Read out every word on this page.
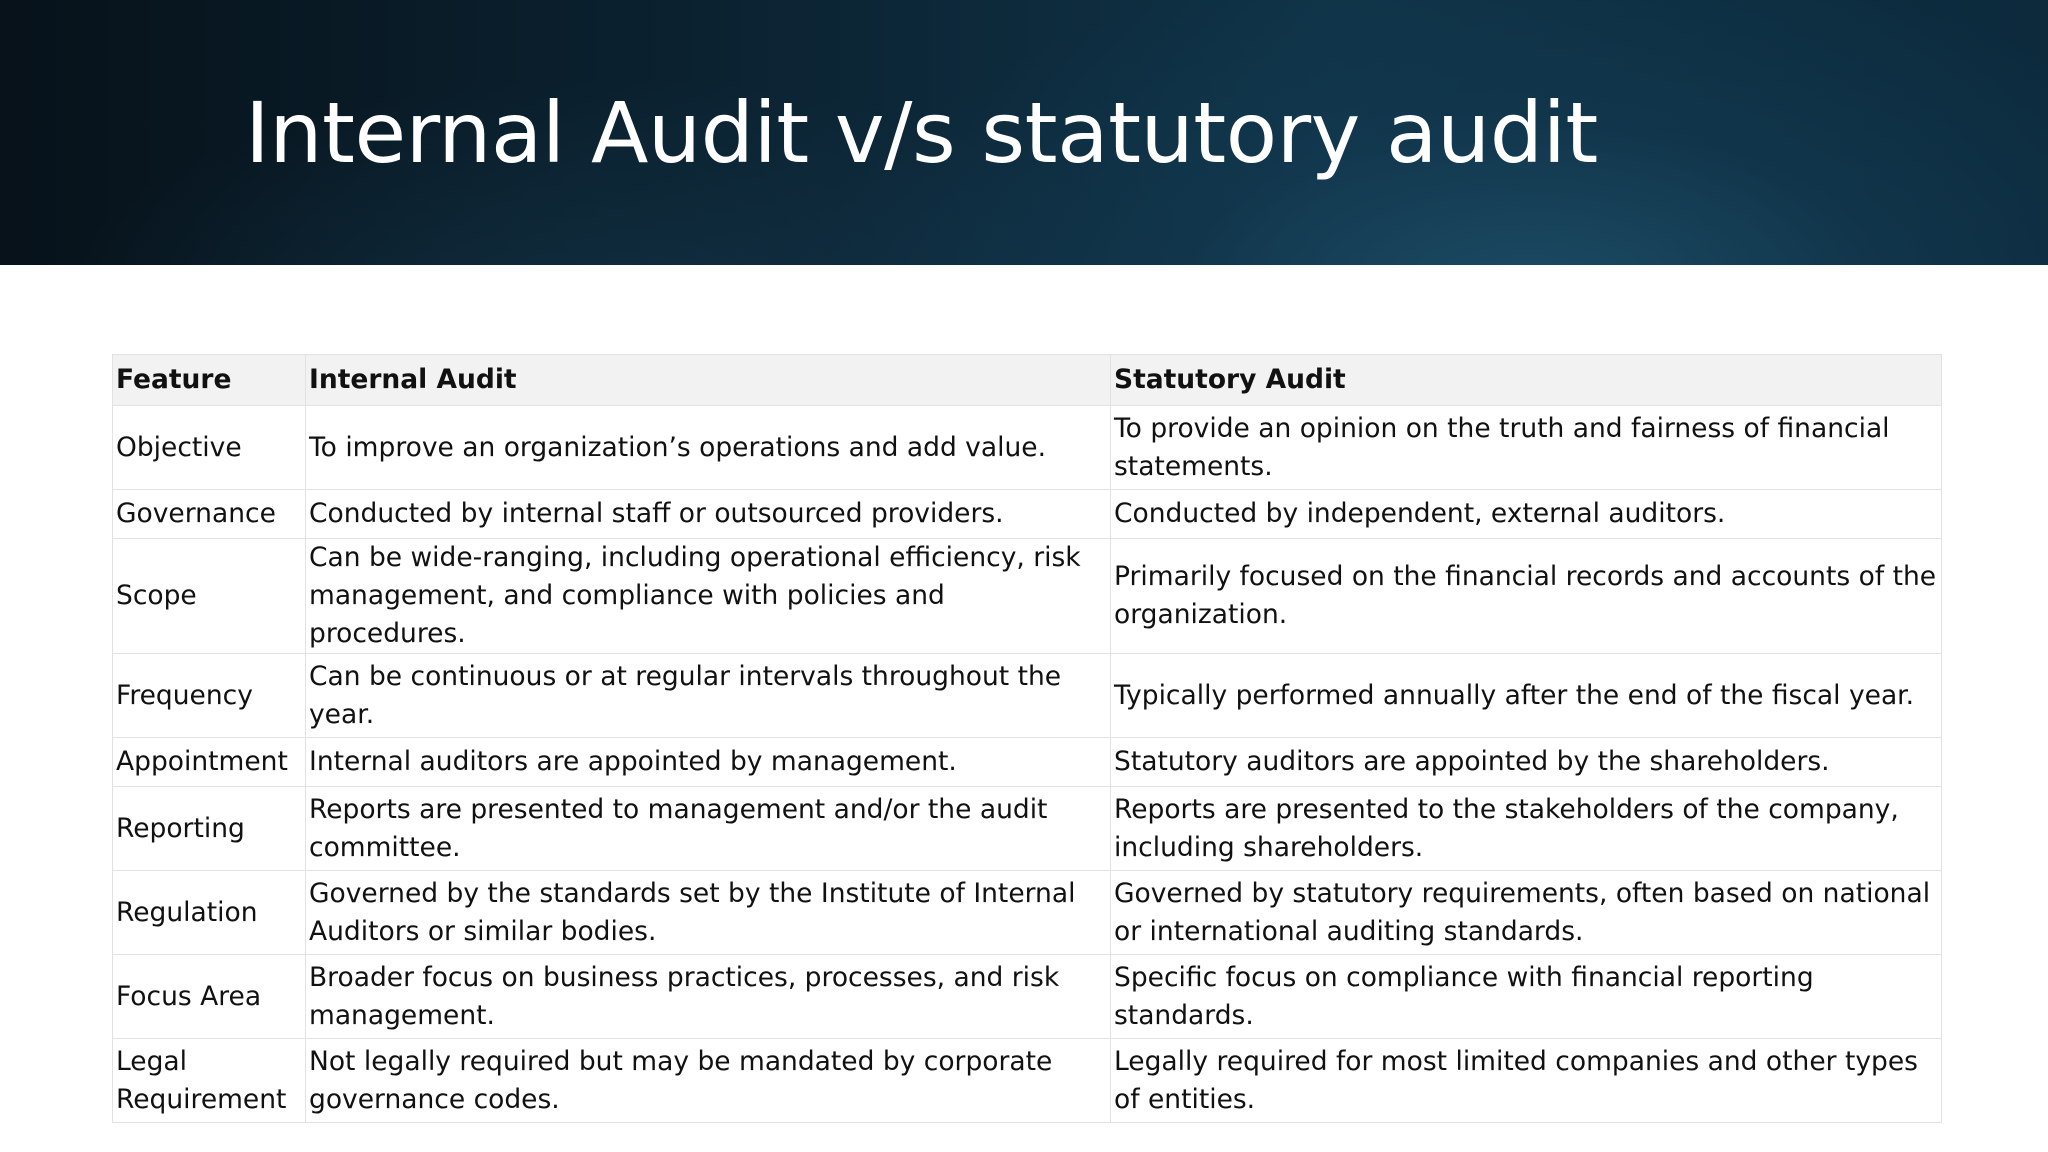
Internal Audit v/s statutory audit
Feature	Internal Audit	Statutory Audit
Objective	To improve an organization’s operations and add value.	To provide an opinion on the truth and fairness of financial statements.
Governance	Conducted by internal staff or outsourced providers.	Conducted by independent, external auditors.
Scope	Can be wide-ranging, including operational efficiency, risk management, and compliance with policies and procedures.	Primarily focused on the financial records and accounts of the organization.
Frequency	Can be continuous or at regular intervals throughout the year.	Typically performed annually after the end of the fiscal year.
Appointment	Internal auditors are appointed by management.	Statutory auditors are appointed by the shareholders.
Reporting	Reports are presented to management and/or the audit committee.	Reports are presented to the stakeholders of the company, including shareholders.
Regulation	Governed by the standards set by the Institute of Internal Auditors or similar bodies.	Governed by statutory requirements, often based on national or international auditing standards.
Focus Area	Broader focus on business practices, processes, and risk management.	Specific focus on compliance with financial reporting standards.
Legal Requirement	Not legally required but may be mandated by corporate governance codes.	Legally required for most limited companies and other types of entities.
